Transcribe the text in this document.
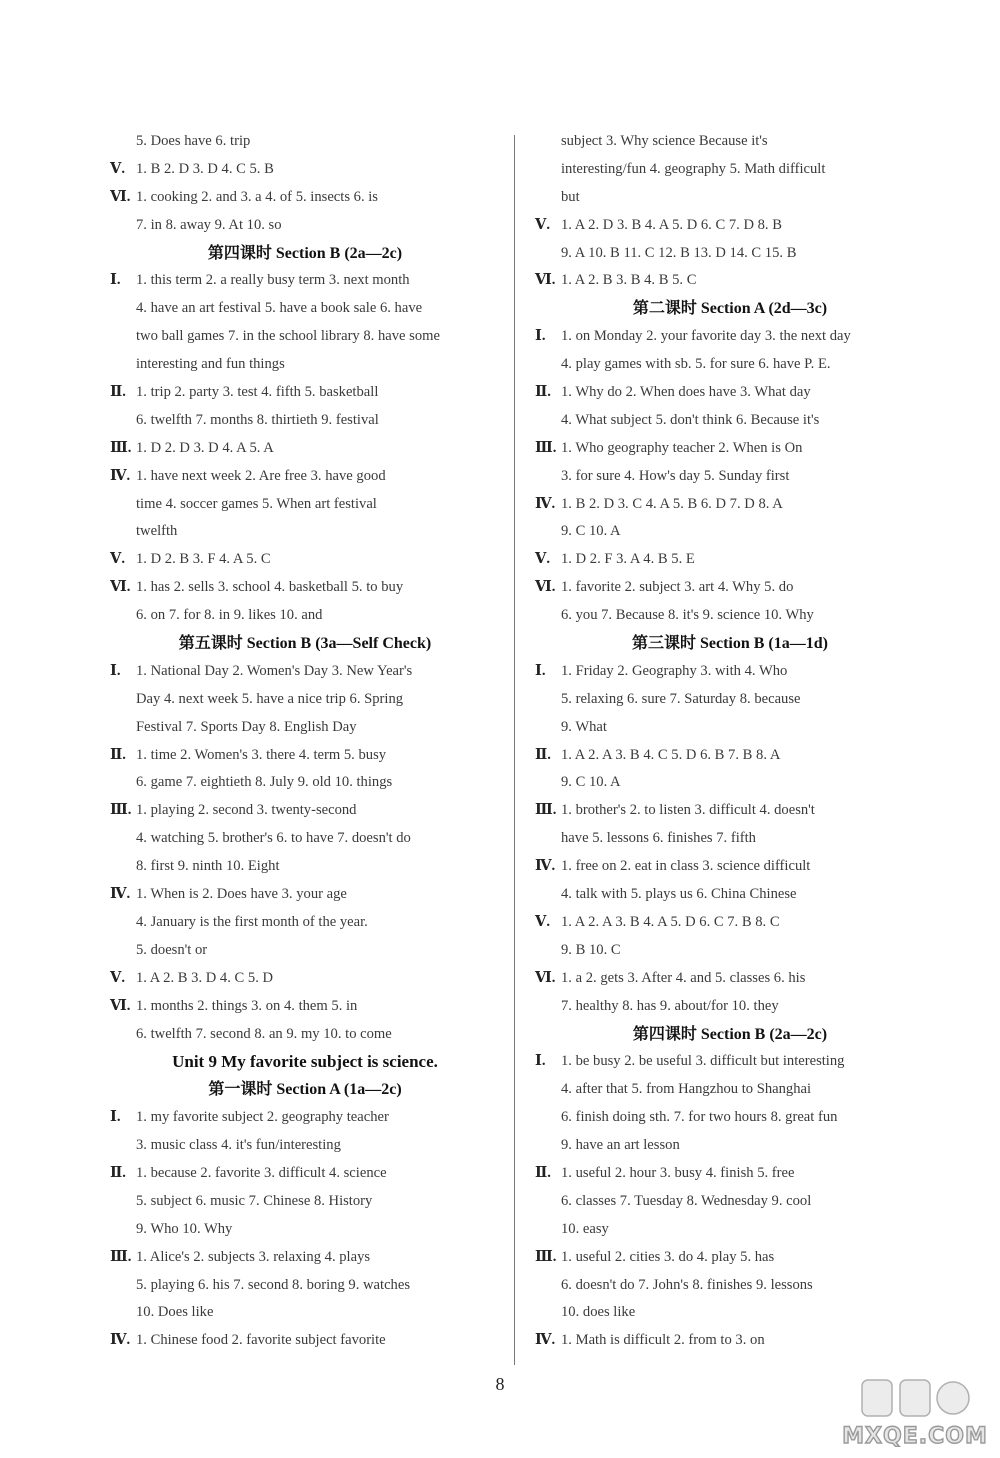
5. Does have 6. trip
Ⅴ. 1. B 2. D 3. D 4. C 5. B
Ⅵ. 1. cooking 2. and 3. a 4. of 5. insects 6. is
7. in 8. away 9. At 10. so
第四课时 Section B (2a—2c)
Ⅰ.	1. this term 2. a really busy term 3. next month
4. have an art festival 5. have a book sale 6. have
two ball games 7. in the school library 8. have some
interesting and fun things
Ⅱ. 1. trip 2. party 3. test 4. fifth 5. basketball
6. twelfth 7. months 8. thirtieth 9. festival
Ⅲ. 1. D 2. D 3. D 4. A 5. A
Ⅳ. 1. have next week 2. Are free 3. have good
time 4. soccer games 5. When art festival
twelfth
Ⅴ. 1. D 2. B 3. F 4. A 5. C
Ⅵ. 1. has 2. sells 3. school 4. basketball 5. to buy
6. on 7. for 8. in 9. likes 10. and
第五课时 Section B (3a—Self Check)
Ⅰ.	1. National Day 2. Women's Day 3. New Year's
Day 4. next week 5. have a nice trip 6. Spring
Festival 7. Sports Day 8. English Day
Ⅱ. 1. time 2. Women's 3. there 4. term 5. busy
6. game 7. eightieth 8. July 9. old 10. things
Ⅲ. 1. playing 2. second 3. twenty-second
4. watching 5. brother's 6. to have 7. doesn't do
8. first 9. ninth 10. Eight
Ⅳ. 1. When is 2. Does have 3. your age
4. January is the first month of the year.
5. doesn't or
Ⅴ. 1. A 2. B 3. D 4. C 5. D
Ⅵ. 1. months 2. things 3. on 4. them 5. in
6. twelfth 7. second 8. an 9. my 10. to come
Unit 9 My favorite subject is science.
第一课时 Section A (1a—2c)
Ⅰ.	1. my favorite subject 2. geography teacher
3. music class 4. it's fun/interesting
Ⅱ. 1. because 2. favorite 3. difficult 4. science
5. subject 6. music 7. Chinese 8. History
9. Who 10. Why
Ⅲ. 1. Alice's 2. subjects 3. relaxing 4. plays
5. playing 6. his 7. second 8. boring 9. watches
10. Does like
Ⅳ. 1. Chinese food 2. favorite subject favorite
subject 3. Why science Because it's
interesting/fun 4. geography 5. Math difficult
but
Ⅴ. 1. A 2. D 3. B 4. A 5. D 6. C 7. D 8. B
9. A 10. B 11. C 12. B 13. D 14. C 15. B
Ⅵ. 1. A 2. B 3. B 4. B 5. C
第二课时 Section A (2d—3c)
Ⅰ.	1. on Monday 2. your favorite day 3. the next day
4. play games with sb. 5. for sure 6. have P. E.
Ⅱ. 1. Why do 2. When does have 3. What day
4. What subject 5. don't think 6. Because it's
Ⅲ. 1. Who geography teacher 2. When is On
3. for sure 4. How's day 5. Sunday first
Ⅳ. 1. B 2. D 3. C 4. A 5. B 6. D 7. D 8. A
9. C 10. A
Ⅴ. 1. D 2. F 3. A 4. B 5. E
Ⅵ. 1. favorite 2. subject 3. art 4. Why 5. do
6. you 7. Because 8. it's 9. science 10. Why
第三课时 Section B (1a—1d)
Ⅰ.	1. Friday 2. Geography 3. with 4. Who
5. relaxing 6. sure 7. Saturday 8. because
9. What
Ⅱ. 1. A 2. A 3. B 4. C 5. D 6. B 7. B 8. A
9. C 10. A
Ⅲ. 1. brother's 2. to listen 3. difficult 4. doesn't
have 5. lessons 6. finishes 7. fifth
Ⅳ. 1. free on 2. eat in class 3. science difficult
4. talk with 5. plays us 6. China Chinese
Ⅴ. 1. A 2. A 3. B 4. A 5. D 6. C 7. B 8. C
9. B 10. C
Ⅵ. 1. a 2. gets 3. After 4. and 5. classes 6. his
7. healthy 8. has 9. about/for 10. they
第四课时 Section B (2a—2c)
Ⅰ.	1. be busy 2. be useful 3. difficult but interesting
4. after that 5. from Hangzhou to Shanghai
6. finish doing sth. 7. for two hours 8. great fun
9. have an art lesson
Ⅱ. 1. useful 2. hour 3. busy 4. finish 5. free
6. classes 7. Tuesday 8. Wednesday 9. cool
10. easy
Ⅲ. 1. useful 2. cities 3. do 4. play 5. has
6. doesn't do 7. John's 8. finishes 9. lessons
10. does like
Ⅳ. 1. Math is difficult 2. from to 3. on
8
MXQE.COM
